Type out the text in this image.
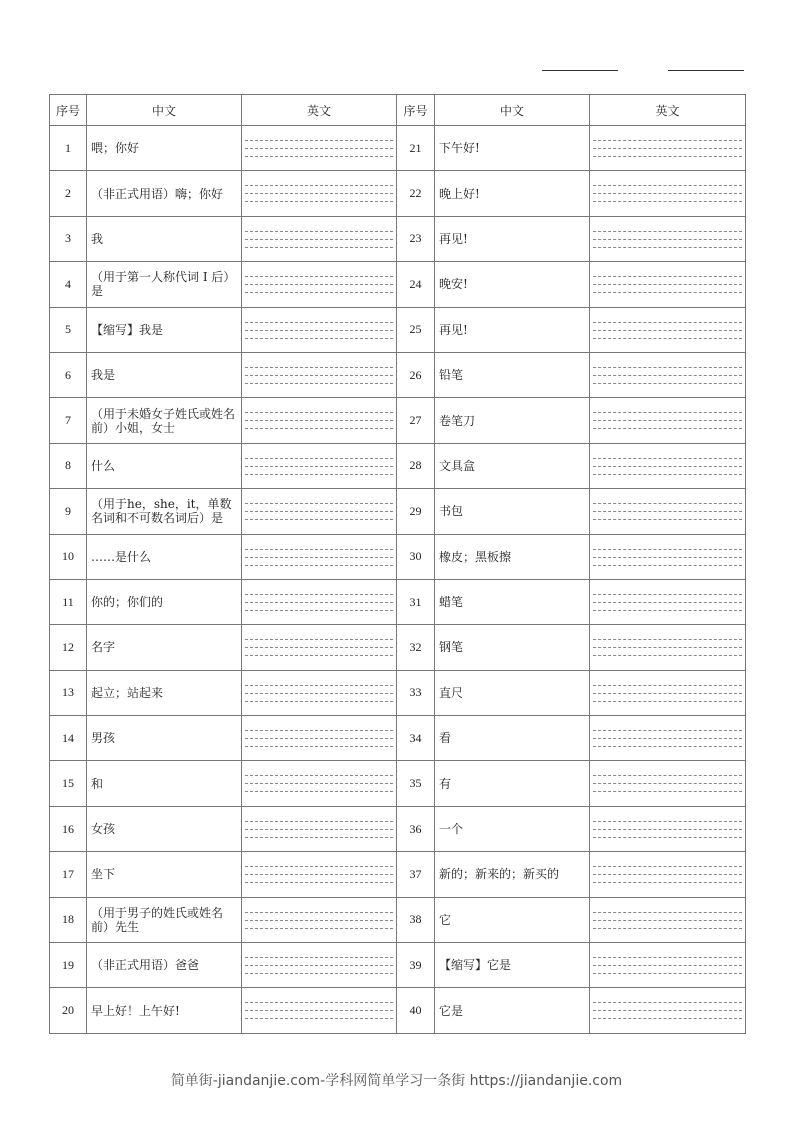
序号	中文	英文	序号	中文	英文
1	喂；你好		21	下午好!	

2	（非正式用语）嗨；你好		22	晚上好!	

3	我		23	再见!	

4	（用于第一人称代词 I 后）是		24	晚安!	

5	【缩写】我是		25	再见!	

6	我是		26	铅笔	

7	（用于未婚女子姓氏或姓名前）小姐，女士		27	卷笔刀	

8	什么		28	文具盒	

9	（用于he，she，it，单数名词和不可数名词后）是		29	书包	

10	……是什么		30	橡皮；黑板擦	

11	你的；你们的		31	蜡笔	

12	名字		32	钢笔	

13	起立；站起来		33	直尺	

14	男孩		34	看	

15	和		35	有	

16	女孩		36	一个	

17	坐下		37	新的；新来的；新买的	

18	（用于男子的姓氏或姓名前）先生		38	它	

19	（非正式用语）爸爸		39	【缩写】它是	

20	早上好！上午好!		40	它是	
简单街-jiandanjie.com-学科网简单学习一条街 https://jiandanjie.com
